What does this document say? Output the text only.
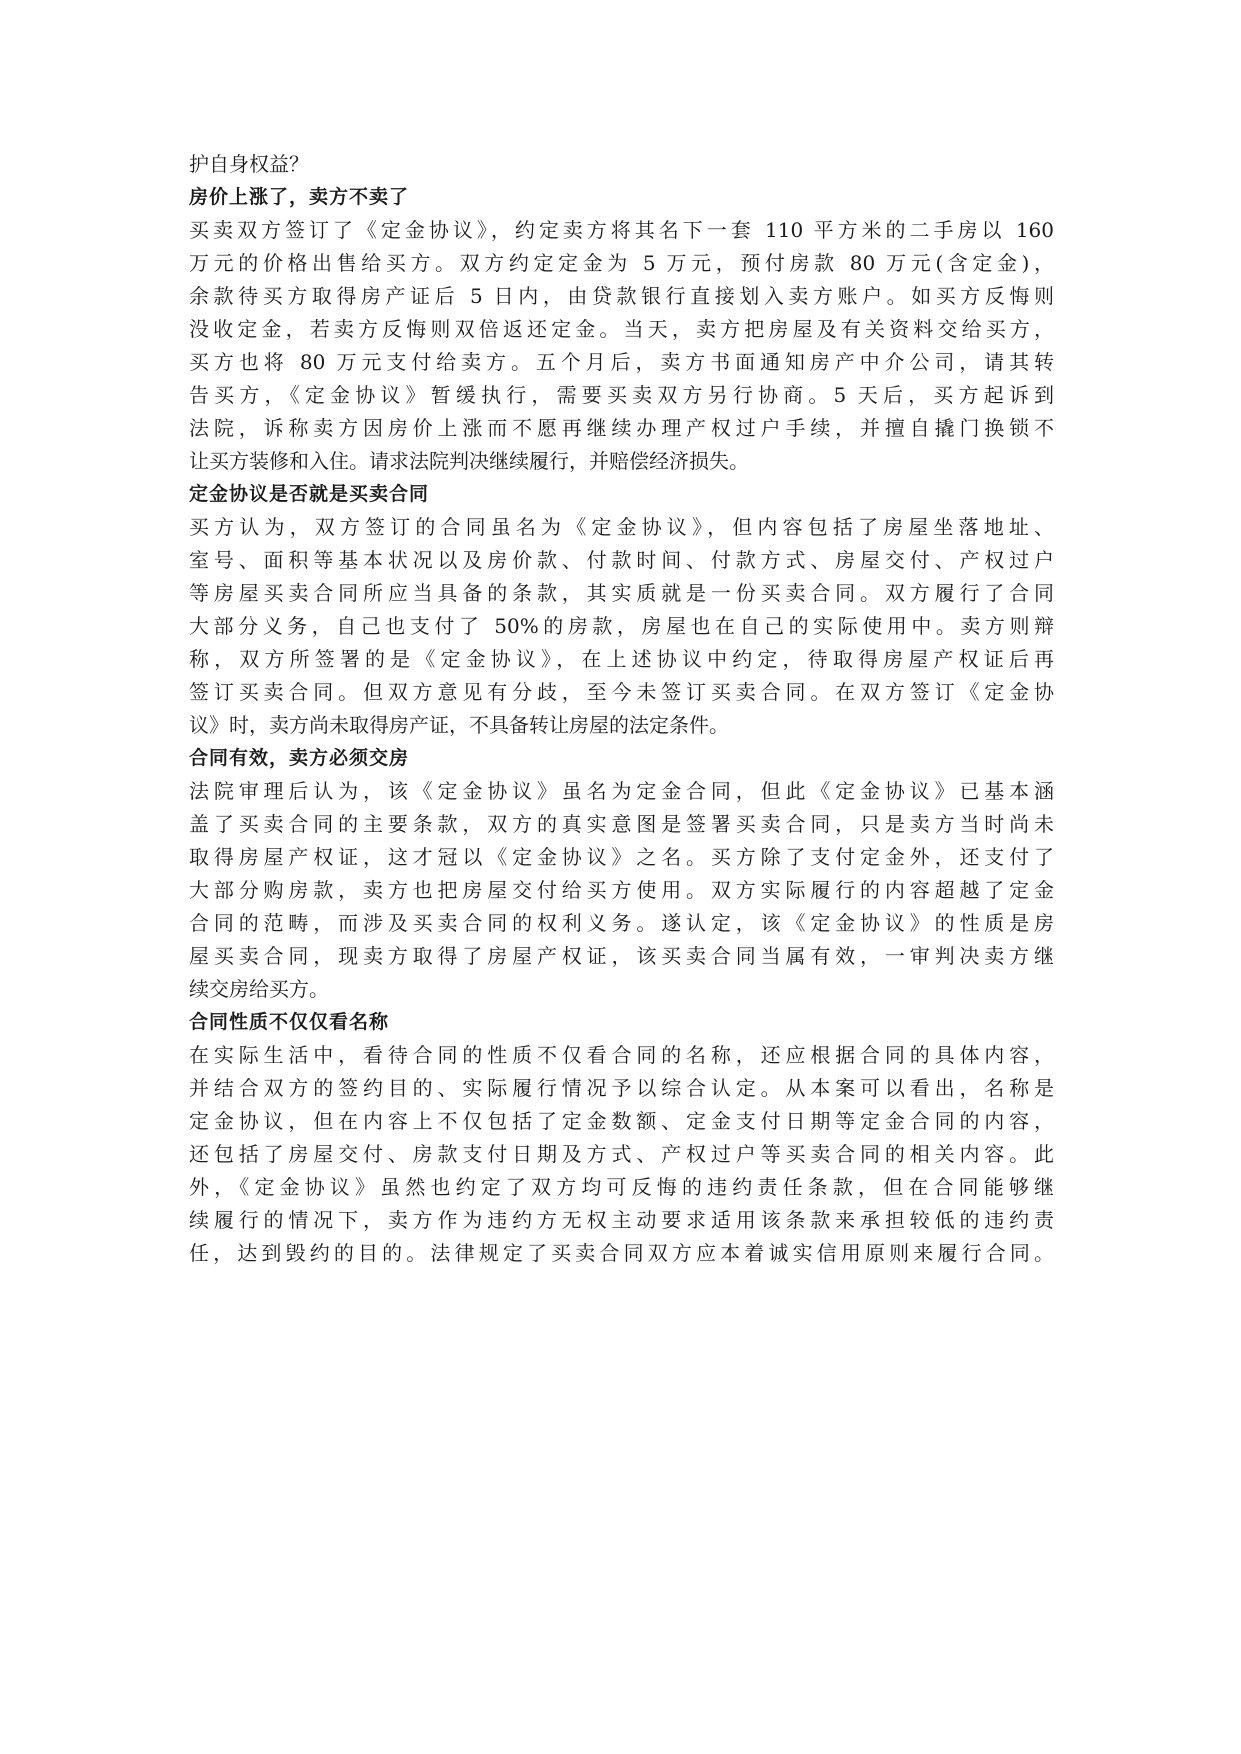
护自身权益？
房价上涨了，卖方不卖了
买卖双方签订了《定金协议》，约定卖方将其名下一套 110 平方米的二手房以 160
万元的价格出售给买方。双方约定定金为 5 万元，预付房款 80 万元(含定金)，
余款待买方取得房产证后 5 日内，由贷款银行直接划入卖方账户。如买方反悔则
没收定金，若卖方反悔则双倍返还定金。当天，卖方把房屋及有关资料交给买方，
买方也将 80 万元支付给卖方。五个月后，卖方书面通知房产中介公司，请其转
告买方，《定金协议》暂缓执行，需要买卖双方另行协商。5 天后，买方起诉到
法院，诉称卖方因房价上涨而不愿再继续办理产权过户手续，并擅自撬门换锁不
让买方装修和入住。请求法院判决继续履行，并赔偿经济损失。
定金协议是否就是买卖合同
买方认为，双方签订的合同虽名为《定金协议》，但内容包括了房屋坐落地址、
室号、面积等基本状况以及房价款、付款时间、付款方式、房屋交付、产权过户
等房屋买卖合同所应当具备的条款，其实质就是一份买卖合同。双方履行了合同
大部分义务，自己也支付了 50%的房款，房屋也在自己的实际使用中。卖方则辩
称，双方所签署的是《定金协议》，在上述协议中约定，待取得房屋产权证后再
签订买卖合同。但双方意见有分歧，至今未签订买卖合同。在双方签订《定金协
议》时，卖方尚未取得房产证，不具备转让房屋的法定条件。
合同有效，卖方必须交房
法院审理后认为，该《定金协议》虽名为定金合同，但此《定金协议》已基本涵
盖了买卖合同的主要条款，双方的真实意图是签署买卖合同，只是卖方当时尚未
取得房屋产权证，这才冠以《定金协议》之名。买方除了支付定金外，还支付了
大部分购房款，卖方也把房屋交付给买方使用。双方实际履行的内容超越了定金
合同的范畴，而涉及买卖合同的权利义务。遂认定，该《定金协议》的性质是房
屋买卖合同，现卖方取得了房屋产权证，该买卖合同当属有效，一审判决卖方继
续交房给买方。
合同性质不仅仅看名称
在实际生活中，看待合同的性质不仅看合同的名称，还应根据合同的具体内容，
并结合双方的签约目的、实际履行情况予以综合认定。从本案可以看出，名称是
定金协议，但在内容上不仅包括了定金数额、定金支付日期等定金合同的内容，
还包括了房屋交付、房款支付日期及方式、产权过户等买卖合同的相关内容。此
外，《定金协议》虽然也约定了双方均可反悔的违约责任条款，但在合同能够继
续履行的情况下，卖方作为违约方无权主动要求适用该条款来承担较低的违约责
任，达到毁约的目的。法律规定了买卖合同双方应本着诚实信用原则来履行合同。
